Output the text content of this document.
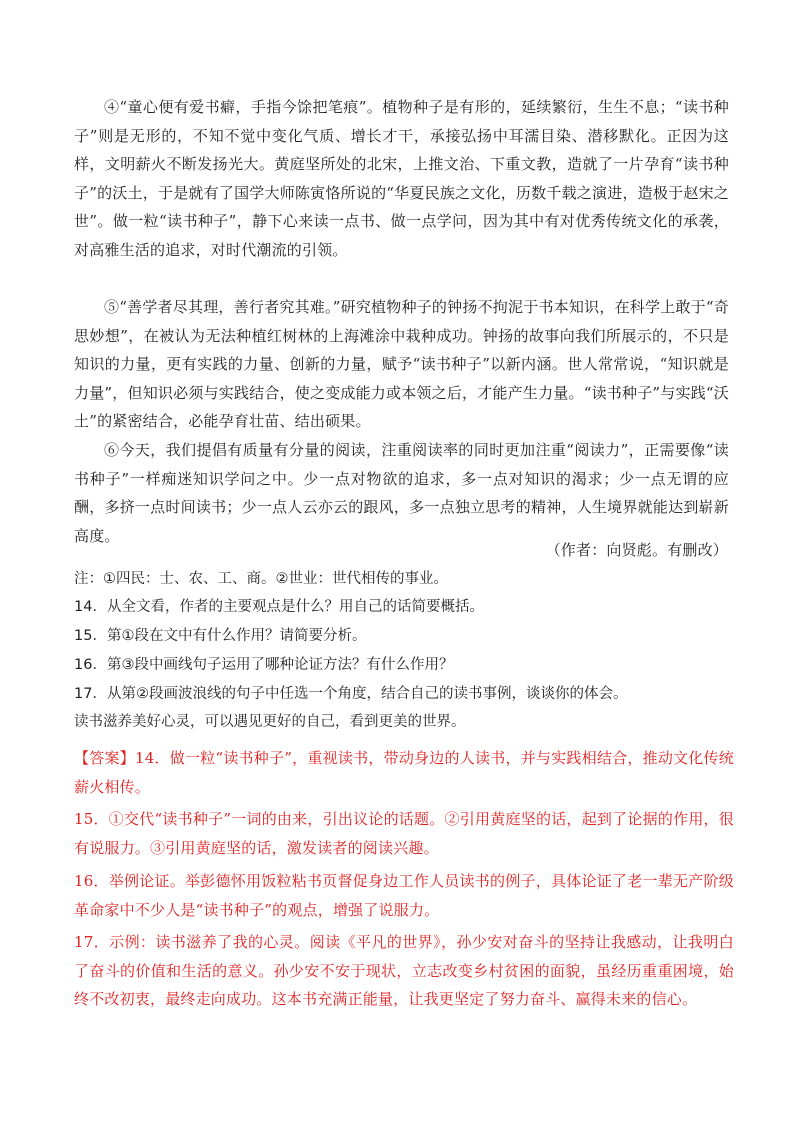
④“童心便有爱书癖，手指今馀把笔痕”。植物种子是有形的，延续繁衍，生生不息；“读书种子”则是无形的，不知不觉中变化气质、增长才干，承接弘扬中耳濡目染、潜移默化。正因为这样，文明薪火不断发扬光大。黄庭坚所处的北宋，上推文治、下重文教，造就了一片孕育“读书种子”的沃土，于是就有了国学大师陈寅恪所说的“华夏民族之文化，历数千载之演进，造极于赵宋之世”。做一粒“读书种子”，静下心来读一点书、做一点学问，因为其中有对优秀传统文化的承袭，对高雅生活的追求，对时代潮流的引领。

⑤“善学者尽其理，善行者究其难。”研究植物种子的钟扬不拘泥于书本知识，在科学上敢于“奇思妙想”，在被认为无法种植红树林的上海滩涂中栽种成功。钟扬的故事向我们所展示的，不只是知识的力量，更有实践的力量、创新的力量，赋予“读书种子”以新内涵。世人常常说，“知识就是力量”，但知识必须与实践结合，使之变成能力或本领之后，才能产生力量。“读书种子”与实践“沃土”的紧密结合，必能孕育壮苗、结出硕果。

⑥今天，我们提倡有质量有分量的阅读，注重阅读率的同时更加注重“阅读力”，正需要像“读书种子”一样痴迷知识学问之中。少一点对物欲的追求，多一点对知识的渴求；少一点无谓的应酬，多挤一点时间读书；少一点人云亦云的跟风，多一点独立思考的精神，人生境界就能达到崭新高度。

（作者：向贤彪。有删改）

注：①四民：士、农、工、商。②世业：世代相传的事业。

14．从全文看，作者的主要观点是什么？用自己的话简要概括。

15．第①段在文中有什么作用？请简要分析。

16．第③段中画线句子运用了哪种论证方法？有什么作用？

17．从第②段画波浪线的句子中任选一个角度，结合自己的读书事例，谈谈你的体会。

读书滋养美好心灵，可以遇见更好的自己，看到更美的世界。

【答案】14．做一粒“读书种子”，重视读书，带动身边的人读书，并与实践相结合，推动文化传统薪火相传。

15．①交代“读书种子”一词的由来，引出议论的话题。②引用黄庭坚的话，起到了论据的作用，很有说服力。③引用黄庭坚的话，激发读者的阅读兴趣。

16．举例论证。举彭德怀用饭粒粘书页督促身边工作人员读书的例子，具体论证了老一辈无产阶级革命家中不少人是“读书种子”的观点，增强了说服力。

17．示例：读书滋养了我的心灵。阅读《平凡的世界》，孙少安对奋斗的坚持让我感动，让我明白了奋斗的价值和生活的意义。孙少安不安于现状，立志改变乡村贫困的面貌，虽经历重重困境，始终不改初衷，最终走向成功。这本书充满正能量，让我更坚定了努力奋斗、赢得未来的信心。
